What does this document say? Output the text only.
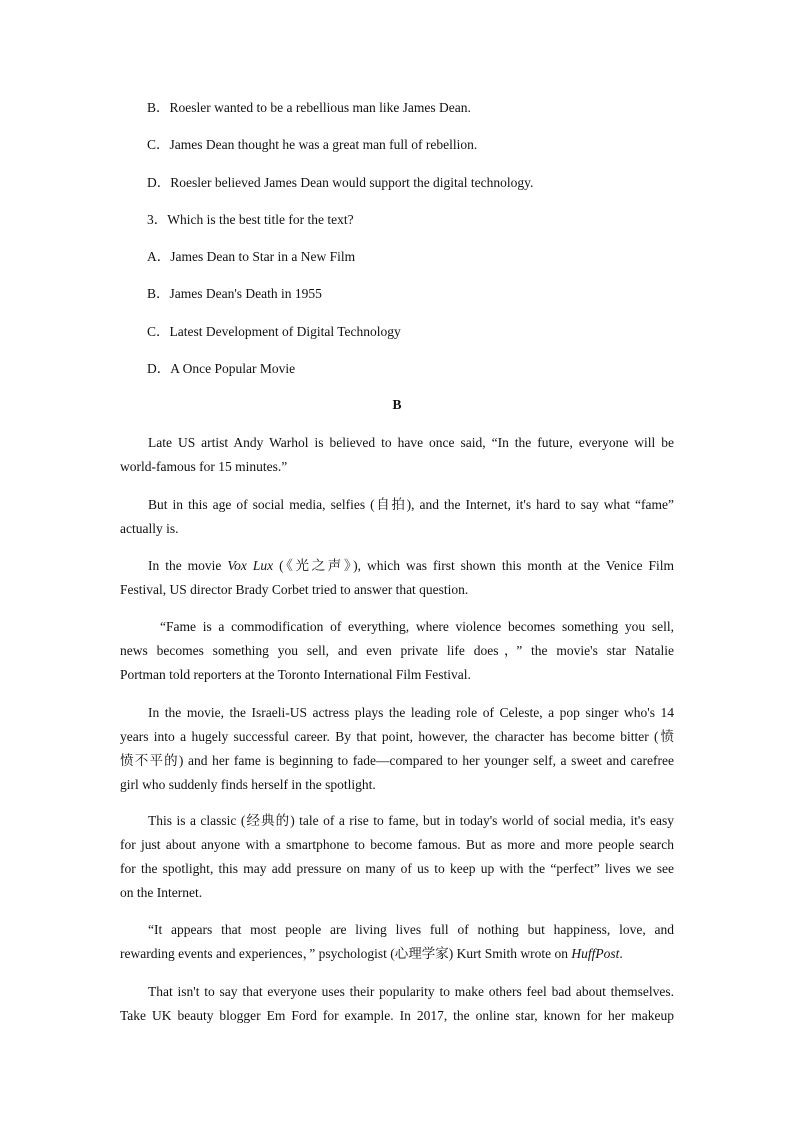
B．Roesler wanted to be a rebellious man like James Dean.
C．James Dean thought he was a great man full of rebellion.
D．Roesler believed James Dean would support the digital technology.
3．Which is the best title for the text?
A．James Dean to Star in a New Film
B．James Dean's Death in 1955
C．Latest Development of Digital Technology
D．A Once Popular Movie
B
Late US artist Andy Warhol is believed to have once said, “In the future, everyone will be
world-famous for 15 minutes.”
But in this age of social media, selfies (自拍), and the Internet, it's hard to say what “fame”
actually is.
In the movie Vox Lux (《光之声》), which was first shown this month at the Venice Film
Festival, US director Brady Corbet tried to answer that question.
“Fame is a commodification of everything, where violence becomes something you sell,
news becomes something you sell, and even private life does，” the movie's star Natalie
Portman told reporters at the Toronto International Film Festival.
In the movie, the Israeli-US actress plays the leading role of Celeste, a pop singer who's 14
years into a hugely successful career. By that point, however, the character has become bitter (愤
愤不平的) and her fame is beginning to fade—compared to her younger self, a sweet and carefree
girl who suddenly finds herself in the spotlight.
This is a classic (经典的) tale of a rise to fame, but in today's world of social media, it's easy
for just about anyone with a smartphone to become famous. But as more and more people search
for the spotlight, this may add pressure on many of us to keep up with the “perfect” lives we see
on the Internet.
“It appears that most people are living lives full of nothing but happiness, love, and
rewarding events and experiences，” psychologist (心理学家) Kurt Smith wrote on HuffPost.
That isn't to say that everyone uses their popularity to make others feel bad about themselves.
Take UK beauty blogger Em Ford for example. In 2017, the online star, known for her makeup
